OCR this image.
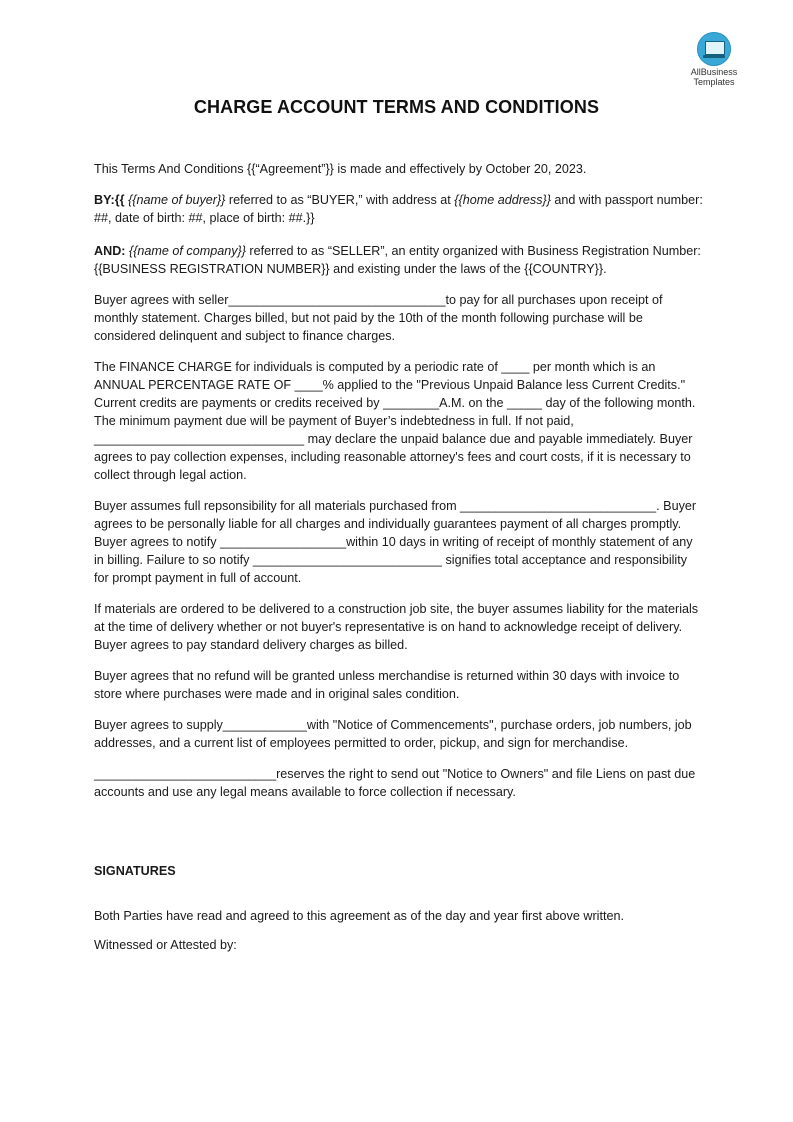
AllBusiness
Templates
CHARGE ACCOUNT TERMS AND CONDITIONS

This Terms And Conditions {{“Agreement”}} is made and effectively by October 20, 2023.

BY:{{ {{name of buyer}} referred to as “BUYER,” with address at {{home address}} and with passport number: ##, date of birth: ##, place of birth: ##.}}

AND: {{name of company}} referred to as “SELLER”, an entity organized with Business Registration Number: {{BUSINESS REGISTRATION NUMBER}} and existing under the laws of the {{COUNTRY}}.

Buyer agrees with seller_______________________________to pay for all purchases upon receipt of monthly statement. Charges billed, but not paid by the 10th of the month following purchase will be considered delinquent and subject to finance charges.

The FINANCE CHARGE for individuals is computed by a periodic rate of ____ per month which is an ANNUAL PERCENTAGE RATE OF ____% applied to the "Previous Unpaid Balance less Current Credits." Current credits are payments or credits received by ________A.M. on the _____ day of the following month. The minimum payment due will be payment of Buyer’s indebtedness in full. If not paid, ______________________________ may declare the unpaid balance due and payable immediately. Buyer agrees to pay collection expenses, including reasonable attorney's fees and court costs, if it is necessary to collect through legal action.

Buyer assumes full repsonsibility for all materials purchased from ____________________________. Buyer agrees to be personally liable for all charges and individually guarantees payment of all charges promptly. Buyer agrees to notify __________________within 10 days in writing of receipt of monthly statement of any in billing. Failure to so notify ___________________________ signifies total acceptance and responsibility for prompt payment in full of account.

If materials are ordered to be delivered to a construction job site, the buyer assumes liability for the materials at the time of delivery whether or not buyer's representative is on hand to acknowledge receipt of delivery. Buyer agrees to pay standard delivery charges as billed.

Buyer agrees that no refund will be granted unless merchandise is returned within 30 days with invoice to store where purchases were made and in original sales condition.

Buyer agrees to supply____________with "Notice of Commencements", purchase orders, job numbers, job addresses, and a current list of employees permitted to order, pickup, and sign for merchandise.

__________________________reserves the right to send out "Notice to Owners" and file Liens on past due accounts and use any legal means available to force collection if necessary.

SIGNATURES
Both Parties have read and agreed to this agreement as of the day and year first above written.
Witnessed or Attested by:
